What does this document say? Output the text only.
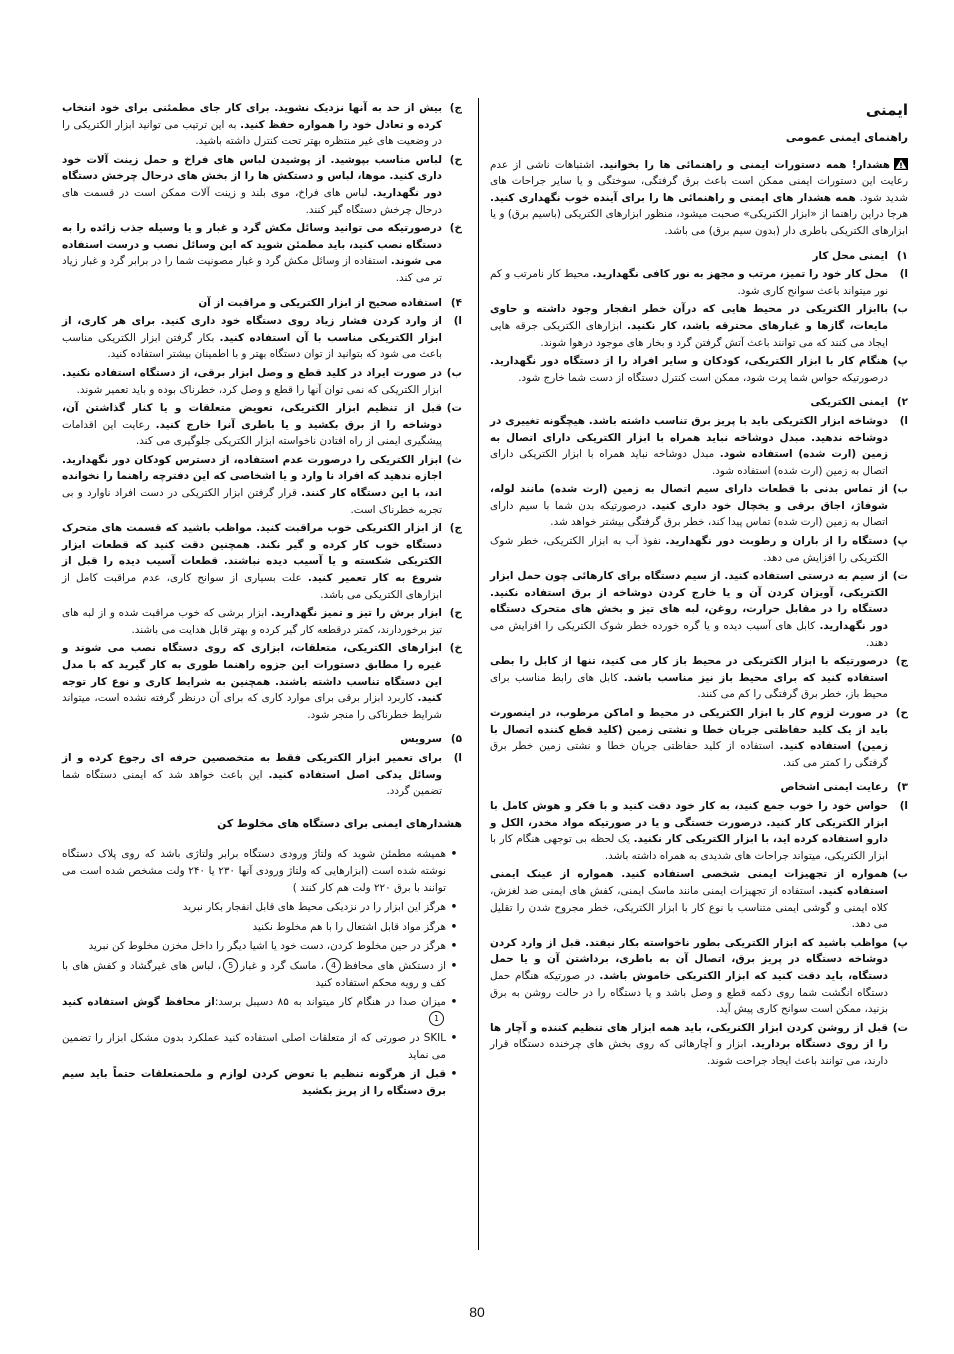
ایمنی
راهنمای ایمنی عمومی
هشدار! همه دستورات ایمنی و راهنمائی ها را بخوانید. اشتباهات ناشی از عدم رعایت این دستورات ایمنی ممکن است باعث برق گرفتگی، سوختگی و یا سایر جراحات های شدید شود. همه هشدار های ایمنی و راهنمائی ها را برای آینده خوب نگهداری کنید. هرجا دراین راهنما از «ابزار الکتریکی» صحبت میشود، منظور ابزارهای الکتریکی (باسیم برق) و یا ابزارهای الکتریکی باطری دار (بدون سیم برق) می باشد.
۱)
ایمنی محل کار
ا)
محل کار خود را تمیز، مرتب و مجهز به نور کافی نگهدارید. محیط کار نامرتب و کم نور میتواند باعث سوانح کاری شود.
ب)
باابزار الکتریکی در محیط هایی که درآن خطر انفجار وجود داشته و حاوی مایعات، گازها و غبارهای محترقه باشد، کار نکنید. ابزارهای الکتریکی جرقه هایی ایجاد می کنند که می توانند باعث آتش گرفتن گرد و بخار های موجود درهوا شوند.
پ)
هنگام کار با ابزار الکتریکی، کودکان و سایر افراد را از دستگاه دور نگهدارید. درصورتیکه حواس شما پرت شود، ممکن است کنترل دستگاه از دست شما خارج شود.
۲)
ایمنی الکتریکی
ا)
دوشاخه ابزار الکتریکی باید با پریز برق تناسب داشته باشد. هیچگونه تغییری در دوشاخه ندهید. مبدل دوشاخه نباید همراه با ابزار الکتریکی دارای اتصال به زمین (ارت شده) استفاده شود. مبدل دوشاخه نباید همراه با ابزار الکتریکی دارای اتصال به زمین (ارت شده) استفاده شود.
ب)
از تماس بدنی با قطعات دارای سیم اتصال به زمین (ارت شده) مانند لوله، شوفاژ، اجاق برقی و یخچال خود داری کنید. درصورتیکه بدن شما با سیم دارای اتصال به زمین (ارت شده) تماس پیدا کند، خطر برق گرفتگی بیشتر خواهد شد.
پ)
دستگاه را از باران و رطوبت دور نگهدارید. نفوذ آب به ابزار الکتریکی، خطر شوک الکتریکی را افزایش می دهد.
ت)
از سیم به درستی استفاده کنید. از سیم دستگاه برای کارهائی چون حمل ابزار الکتریکی، آویزان کردن آن و یا خارج کردن دوشاخه از برق استفاده نکنید. دستگاه را در مقابل حرارت، روغن، لبه های تیز و بخش های متحرک دستگاه دور نگهدارید. کابل های آسیب دیده و یا گره خورده خطر شوک الکتریکی را افزایش می دهند.
ج)
درصورتیکه با ابزار الکتریکی در محیط باز کار می کنید، تنها از کابل را بطی استفاده کنید که برای محیط باز نیز مناسب باشد. کابل های رابط مناسب برای محیط باز، خطر برق گرفتگی را کم می کنند.
ح)
در صورت لزوم کار با ابزار الکتریکی در محیط و اماکن مرطوب، در اینصورت باید از یک کلید حفاظتی جریان خطا و نشتی زمین (کلید قطع کننده اتصال با زمین) استفاده کنید. استفاده از کلید حفاظتی جریان خطا و نشتی زمین خطر برق گرفتگی را کمتر می کند.
۳)
رعایت ایمنی اشخاص
ا)
حواس خود را خوب جمع کنید، به کار خود دقت کنید و با فکر و هوش کامل با ابزار الکتریکی کار کنید. درصورت خستگی و یا در صورتیکه مواد مخدر، الکل و دارو استفاده کرده اید، با ابزار الکتریکی کار نکنید. یک لحظه بی توجهی هنگام کار با ابزار الکتریکی، میتواند جراحات های شدیدی به همراه داشته باشد.
ب)
همواره از تجهیزات ایمنی شخصی استفاده کنید. همواره از عینک ایمنی استفاده کنید. استفاده از تجهیزات ایمنی مانند ماسک ایمنی، کفش های ایمنی ضد لغزش، کلاه ایمنی و گوشی ایمنی متناسب با نوع کار با ابزار الکتریکی، خطر مجروح شدن را تقلیل می دهد.
پ)
مواظب باشید که ابزار الکتریکی بطور ناخواسته بکار نیفتد. قبل از وارد کردن دوشاخه دستگاه در پریز برق، اتصال آن به باطری، برداشتن آن و یا حمل دستگاه، باید دقت کنید که ابزار الکتریکی خاموش باشد. در صورتیکه هنگام حمل دستگاه انگشت شما روی دکمه قطع و وصل باشد و یا دستگاه را در حالت روشن به برق بزنید، ممکن است سوانح کاری پیش آید.
ت)
قبل از روشن کردن ابزار الکتریکی، باید همه ابزار های تنظیم کننده و آچار ها را از روی دستگاه بردارید. ابزار و آچارهائی که روی بخش های چرخنده دستگاه قرار دارند، می توانند باعث ایجاد جراحت شوند.
ج)
بیش از حد به آنها نزدیک نشوید. برای کار جای مطمئنی برای خود انتخاب کرده و تعادل خود را همواره حفظ کنید. به این ترتیب می توانید ابزار الکتریکی را در وضعیت های غیر منتظره بهتر تحت کنترل داشته باشید.
ح)
لباس مناسب بپوشید. از پوشیدن لباس های فراخ و حمل زینت آلات خود داری کنید. موها، لباس و دستکش ها را از بخش های درحال چرخش دستگاه دور نگهدارید. لباس های فراخ، موی بلند و زینت آلات ممکن است در قسمت های درحال چرخش دستگاه گیر کنند.
خ)
درصورتیکه می توانید وسائل مکش گرد و غبار و یا وسیله جذب زائده را به دستگاه نصب کنید، باید مطمئن شوید که این وسائل نصب و درست استفاده می شوند. استفاده از وسائل مکش گرد و غبار مصونیت شما را در برابر گرد و غبار زیاد تر می کند.
۴)
استفاده صحیح از ابزار الکتریکی و مراقبت از آن
ا)
از وارد کردن فشار زیاد روی دستگاه خود داری کنید. برای هر کاری، از ابزار الکتریکی مناسب با آن استفاده کنید. بکار گرفتن ابزار الکتریکی مناسب باعث می شود که بتوانید از توان دستگاه بهتر و با اطمینان بیشتر استفاده کنید.
ب)
در صورت ایراد در کلید قطع و وصل ابزار برقی، از دستگاه استفاده نکنید. ابزار الکتریکی که نمی توان آنها را قطع و وصل کرد، خطرناک بوده و باید تعمیر شوند.
ت)
قبل از تنظیم ابزار الکتریکی، تعویض متعلقات و یا کنار گذاشتن آن، دوشاخه را از برق بکشید و یا باطری آنرا خارج کنید. رعایت این اقدامات پیشگیری ایمنی از راه افتادن ناخواسته ابزار الکتریکی جلوگیری می کند.
ث)
ابزار الکتریکی را درصورت عدم استفاده، از دسترس کودکان دور نگهدارید. اجازه ندهید که افراد نا وارد و یا اشخاصی که این دفترچه راهنما را نخوانده اند، با این دستگاه کار کنند. قرار گرفتن ابزار الکتریکی در دست افراد ناوارد و بی تجربه خطرناک است.
ج)
از ابزار الکتریکی خوب مراقبت کنید. مواظب باشید که قسمت های متحرک دستگاه خوب کار کرده و گیر نکند. همچنین دقت کنید که قطعات ابزار الکتریکی شکسته و یا آسیب دیده نباشند. قطعات آسیب دیده را قبل از شروع به کار تعمیر کنید. علت بسیاری از سوانح کاری، عدم مراقبت کامل از ابزارهای الکتریکی می باشد.
ح)
ابزار برش را تیز و تمیز نگهدارید. ابزار برشی که خوب مراقبت شده و از لبه های تیز برخوردارند، کمتر درقطعه کار گیر کرده و بهتر قابل هدایت می باشند.
خ)
ابزارهای الکتریکی، متعلقات، ابزاری که روی دستگاه نصب می شوند و غیره را مطابق دستورات این جزوه راهنما طوری به کار گیرید که با مدل این دستگاه تناسب داشته باشند. همچنین به شرایط کاری و نوع کار توجه کنید. کاربرد ابزار برقی برای موارد کاری که برای آن درنظر گرفته نشده است، میتواند شرایط خطرناکی را منجر شود.
۵)
سرویس
ا)
برای تعمیر ابزار الکتریکی فقط به متخصصین حرفه ای رجوع کرده و از وسائل یدکی اصل استفاده کنید. این باعث خواهد شد که ایمنی دستگاه شما تضمین گردد.
هشدارهای ایمنی برای دستگاه های مخلوط کن
•
همیشه مطمئن شوید که ولتاژ ورودی دستگاه برابر ولتاژی باشد که روی پلاک دستگاه نوشته شده است (ابزارهایی که ولتاژ ورودی آنها ۲۳۰ یا ۲۴۰ ولت مشخص شده است می توانند با برق ۲۲۰ ولت هم کار کنند )
•
هرگز این ابزار را در نزدیکی محیط های قابل انفجار بکار نبرید
•
هرگز مواد قابل اشتعال را با هم مخلوط نکنید
•
هرگز در حین مخلوط کردن، دست خود یا اشیا دیگر را داخل مخزن مخلوط کن نبرید
•
از دستکش های محافظ4، ماسک گرد و غبار5، لباس های غیرگشاد و کفش های با کف و رویه محکم استفاده کنید
•
میزان صدا در هنگام کار میتواند به ۸۵ دسیبل برسد:از محافظ گوش استفاده کنید1
•
SKIL در صورتی که از متعلقات اصلی استفاده کنید عملکرد بدون مشکل ابزار را تضمین می نماید
•
قبل از هرگونه تنظیم یا تعوض کردن لوازم و ملحمتعلقات حتماً باید سیم برق دستگاه را از پریز بکشید
80
